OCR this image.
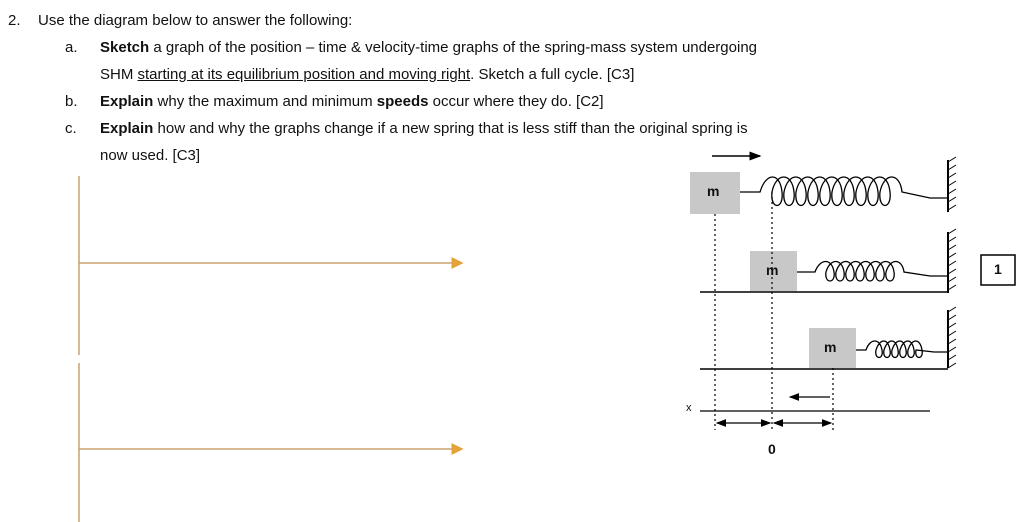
2. Use the diagram below to answer the following:
a. Sketch a graph of the position – time & velocity-time graphs of the spring-mass system undergoing
SHM starting at its equilibrium position and moving right. Sketch a full cycle. [C3]
b. Explain why the maximum and minimum speeds occur where they do. [C2]
c. Explain how and why the graphs change if a new spring that is less stiff than the original spring is
now used. [C3]
m
m
m
x
0
1
